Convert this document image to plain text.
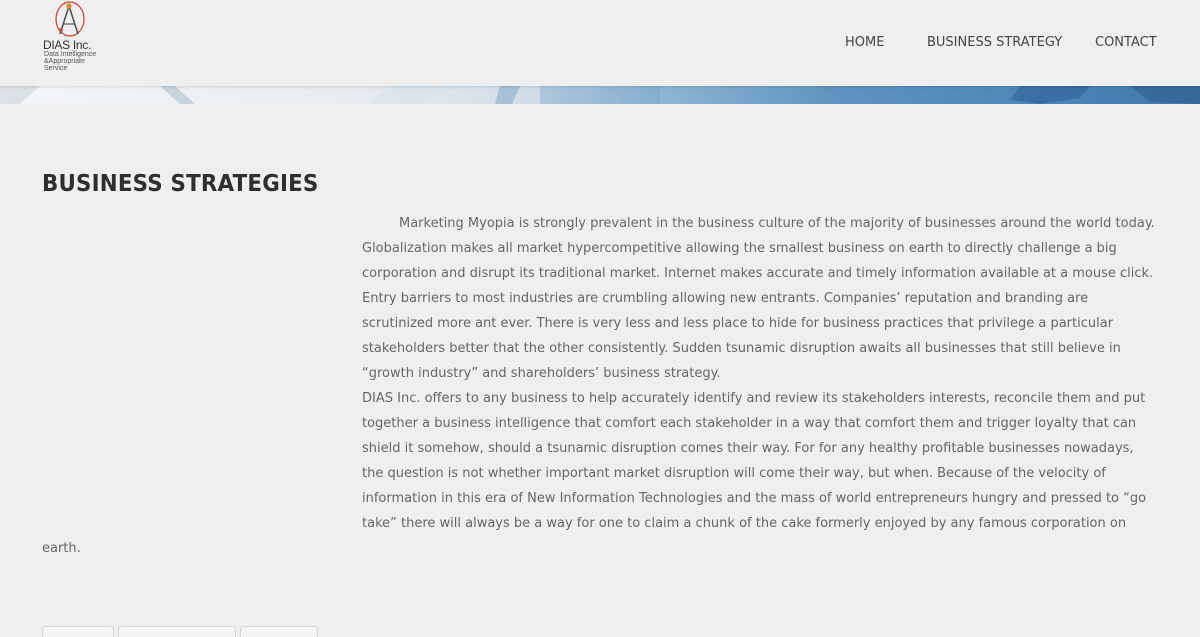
DIAS Inc.
Data Intelligence
&Appropriate
Service
HOME	BUSINESS STRATEGY	CONTACT
BUSINESS STRATEGIES

Marketing Myopia is strongly prevalent in the business culture of the majority of businesses around the world today. Globalization makes all market hypercompetitive allowing the smallest business on earth to directly challenge a big corporation and disrupt its traditional market. Internet makes accurate and timely information available at a mouse click. Entry barriers to most industries are crumbling allowing new entrants. Companies’ reputation and branding are scrutinized more ant ever. There is very less and less place to hide for business practices that privilege a particular stakeholders better that the other consistently. Sudden tsunamic disruption awaits all businesses that still believe in “growth industry” and shareholders’ business strategy.

DIAS Inc. offers to any business to help accurately identify and review its stakeholders interests, reconcile them and put together a business intelligence that comfort each stakeholder in a way that comfort them and trigger loyalty that can shield it somehow, should a tsunamic disruption comes their way. For for any healthy profitable businesses nowadays, the question is not whether important market disruption will come their way, but when. Because of the velocity of information in this era of New Information Technologies and the mass of world entrepreneurs hungry and pressed to “go take” there will always be a way for one to claim a chunk of the cake formerly enjoyed by any famous corporation on earth.
